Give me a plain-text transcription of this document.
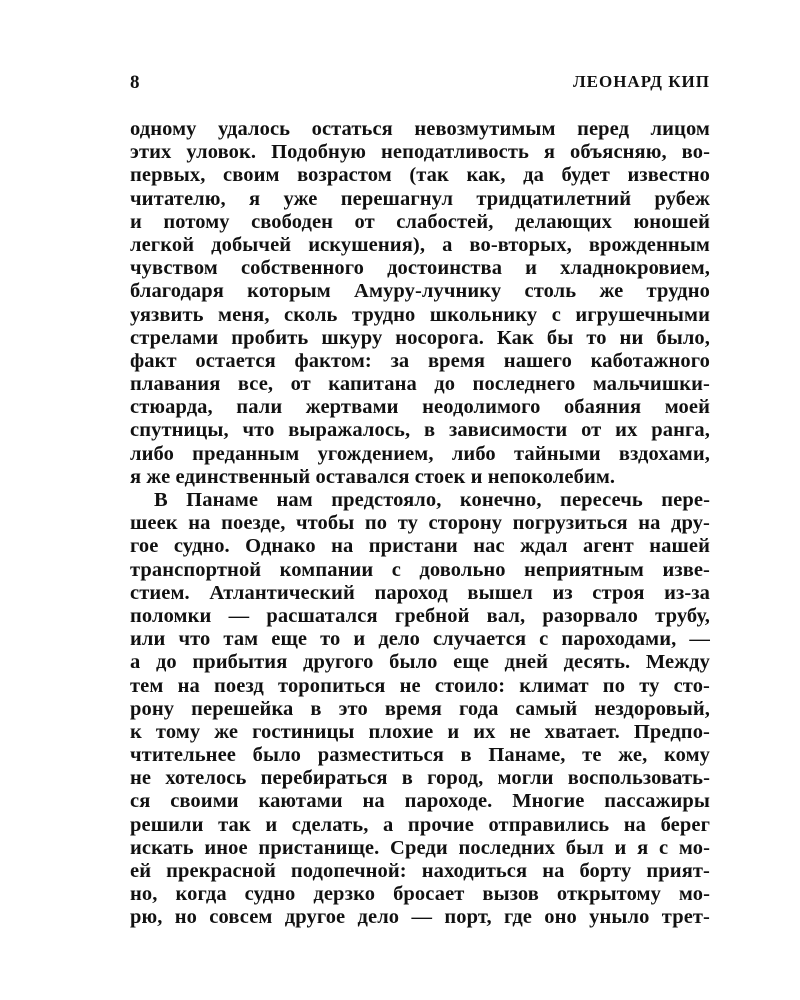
8	ЛЕОНАРД КИП
одному удалось остаться невозмутимым перед лицом
этих уловок. Подобную неподатливость я объясняю, во-
первых, своим возрастом (так как, да будет известно
читателю, я уже перешагнул тридцатилетний рубеж
и потому свободен от слабостей, делающих юношей
легкой добычей искушения), а во-вторых, врожденным
чувством собственного достоинства и хладнокровием,
благодаря которым Амуру-лучнику столь же трудно
уязвить меня, сколь трудно школьнику с игрушечными
стрелами пробить шкуру носорога. Как бы то ни было,
факт остается фактом: за время нашего каботажного
плавания все, от капитана до последнего мальчишки-
стюарда, пали жертвами неодолимого обаяния моей
спутницы, что выражалось, в зависимости от их ранга,
либо преданным угождением, либо тайными вздохами,
я же единственный оставался стоек и непоколебим.
В Панаме нам предстояло, конечно, пересечь пере-
шеек на поезде, чтобы по ту сторону погрузиться на дру-
гое судно. Однако на пристани нас ждал агент нашей
транспортной компании с довольно неприятным изве-
стием. Атлантический пароход вышел из строя из-за
поломки — расшатался гребной вал, разорвало трубу,
или что там еще то и дело случается с пароходами, —
а до прибытия другого было еще дней десять. Между
тем на поезд торопиться не стоило: климат по ту сто-
рону перешейка в это время года самый нездоровый,
к тому же гостиницы плохие и их не хватает. Предпо-
чтительнее было разместиться в Панаме, те же, кому
не хотелось перебираться в город, могли воспользовать-
ся своими каютами на пароходе. Многие пассажиры
решили так и сделать, а прочие отправились на берег
искать иное пристанище. Среди последних был и я с мо-
ей прекрасной подопечной: находиться на борту прият-
но, когда судно дерзко бросает вызов открытому мо-
рю, но совсем другое дело — порт, где оно уныло трет-
